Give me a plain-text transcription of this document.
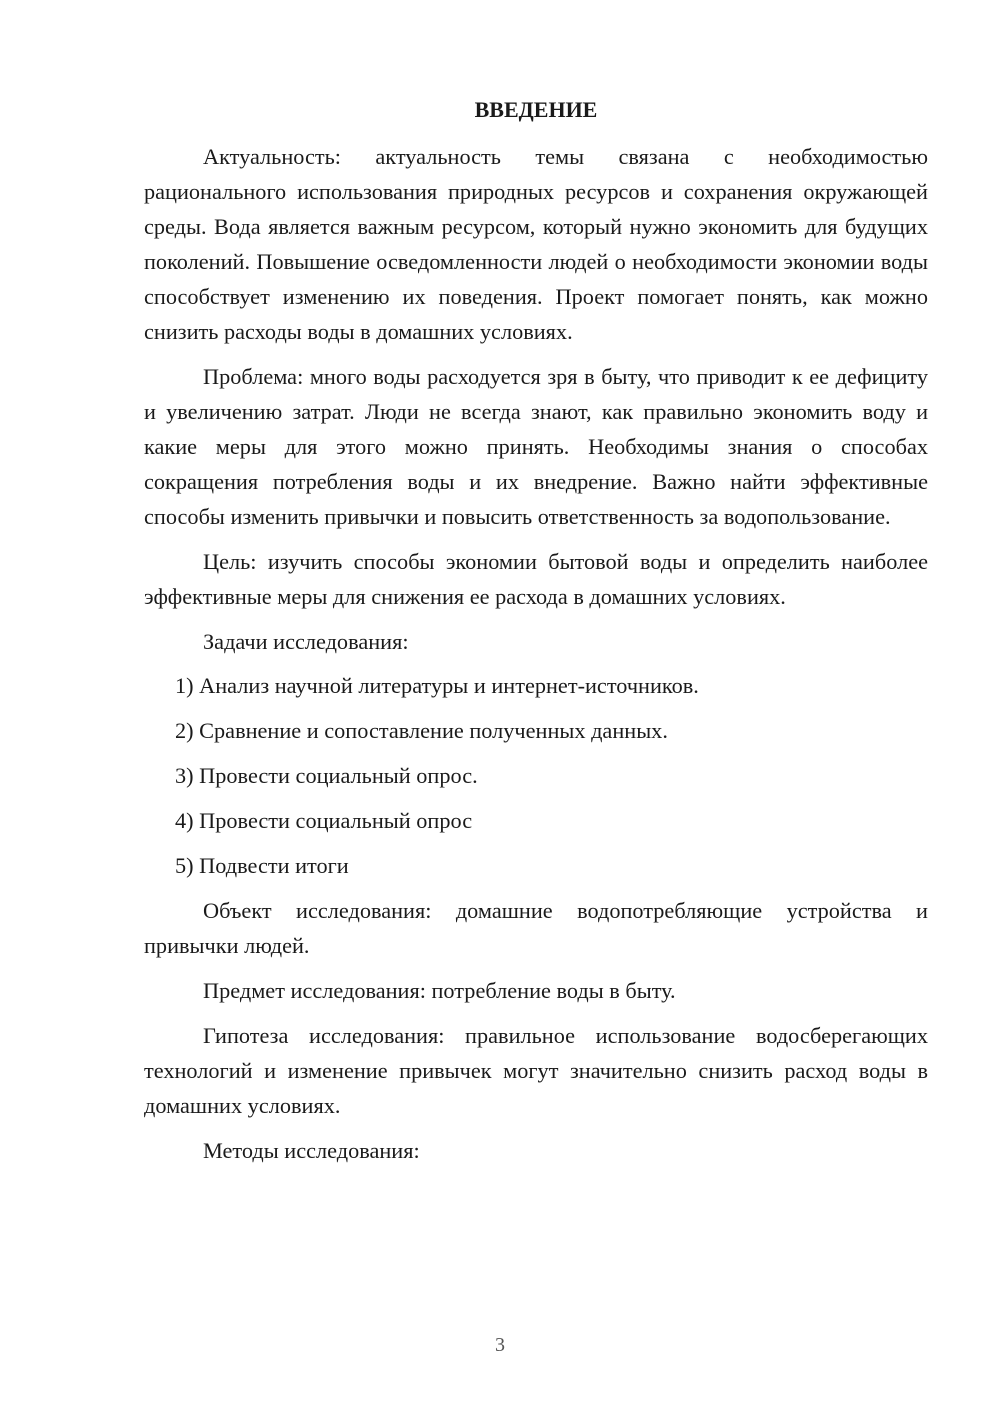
ВВЕДЕНИЕ

Актуальность: актуальность темы связана с необходимостью рационального использования природных ресурсов и сохранения окружающей среды. Вода является важным ресурсом, который нужно экономить для будущих поколений. Повышение осведомленности людей о необходимости экономии воды способствует изменению их поведения. Проект помогает понять, как можно снизить расходы воды в домашних условиях.

Проблема: много воды расходуется зря в быту, что приводит к ее дефициту и увеличению затрат. Люди не всегда знают, как правильно экономить воду и какие меры для этого можно принять. Необходимы знания о способах сокращения потребления воды и их внедрение. Важно найти эффективные способы изменить привычки и повысить ответственность за водопользование.

Цель: изучить способы экономии бытовой воды и определить наиболее эффективные меры для снижения ее расхода в домашних условиях.

Задачи исследования:

1) Анализ научной литературы и интернет-источников.
2) Сравнение и сопоставление полученных данных.
3) Провести социальный опрос.
4) Провести социальный опрос
5) Подвести итоги

Объект исследования: домашние водопотребляющие устройства и привычки людей.

Предмет исследования: потребление воды в быту.

Гипотеза исследования: правильное использование водосберегающих технологий и изменение привычек могут значительно снизить расход воды в домашних условиях.

Методы исследования:

3
